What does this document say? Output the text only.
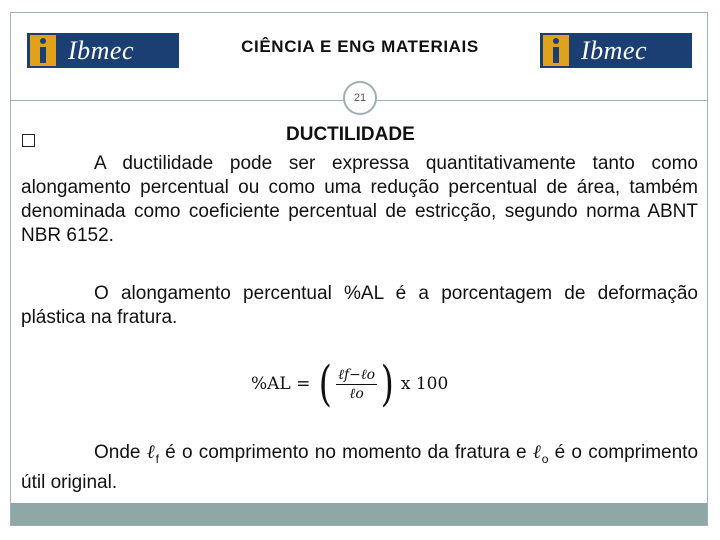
Ibmec	CIÊNCIA E ENG MATERIAIS	Ibmec
21
DUCTILIDADE
A ductilidade pode ser expressa quantitativamente tanto como alongamento percentual ou como uma redução percentual de área, também denominada como coeficiente percentual de estricção, segundo norma ABNT NBR 6152.
O alongamento percentual %AL é a porcentagem de deformação plástica na fratura.
%AL = ( $\frac{\text{ℓf−ℓo}}{\text{ℓo}}$ ) x 100
Onde ℓ$_f$ é o comprimento no momento da fratura e ℓ$_o$ é o comprimento útil original.
